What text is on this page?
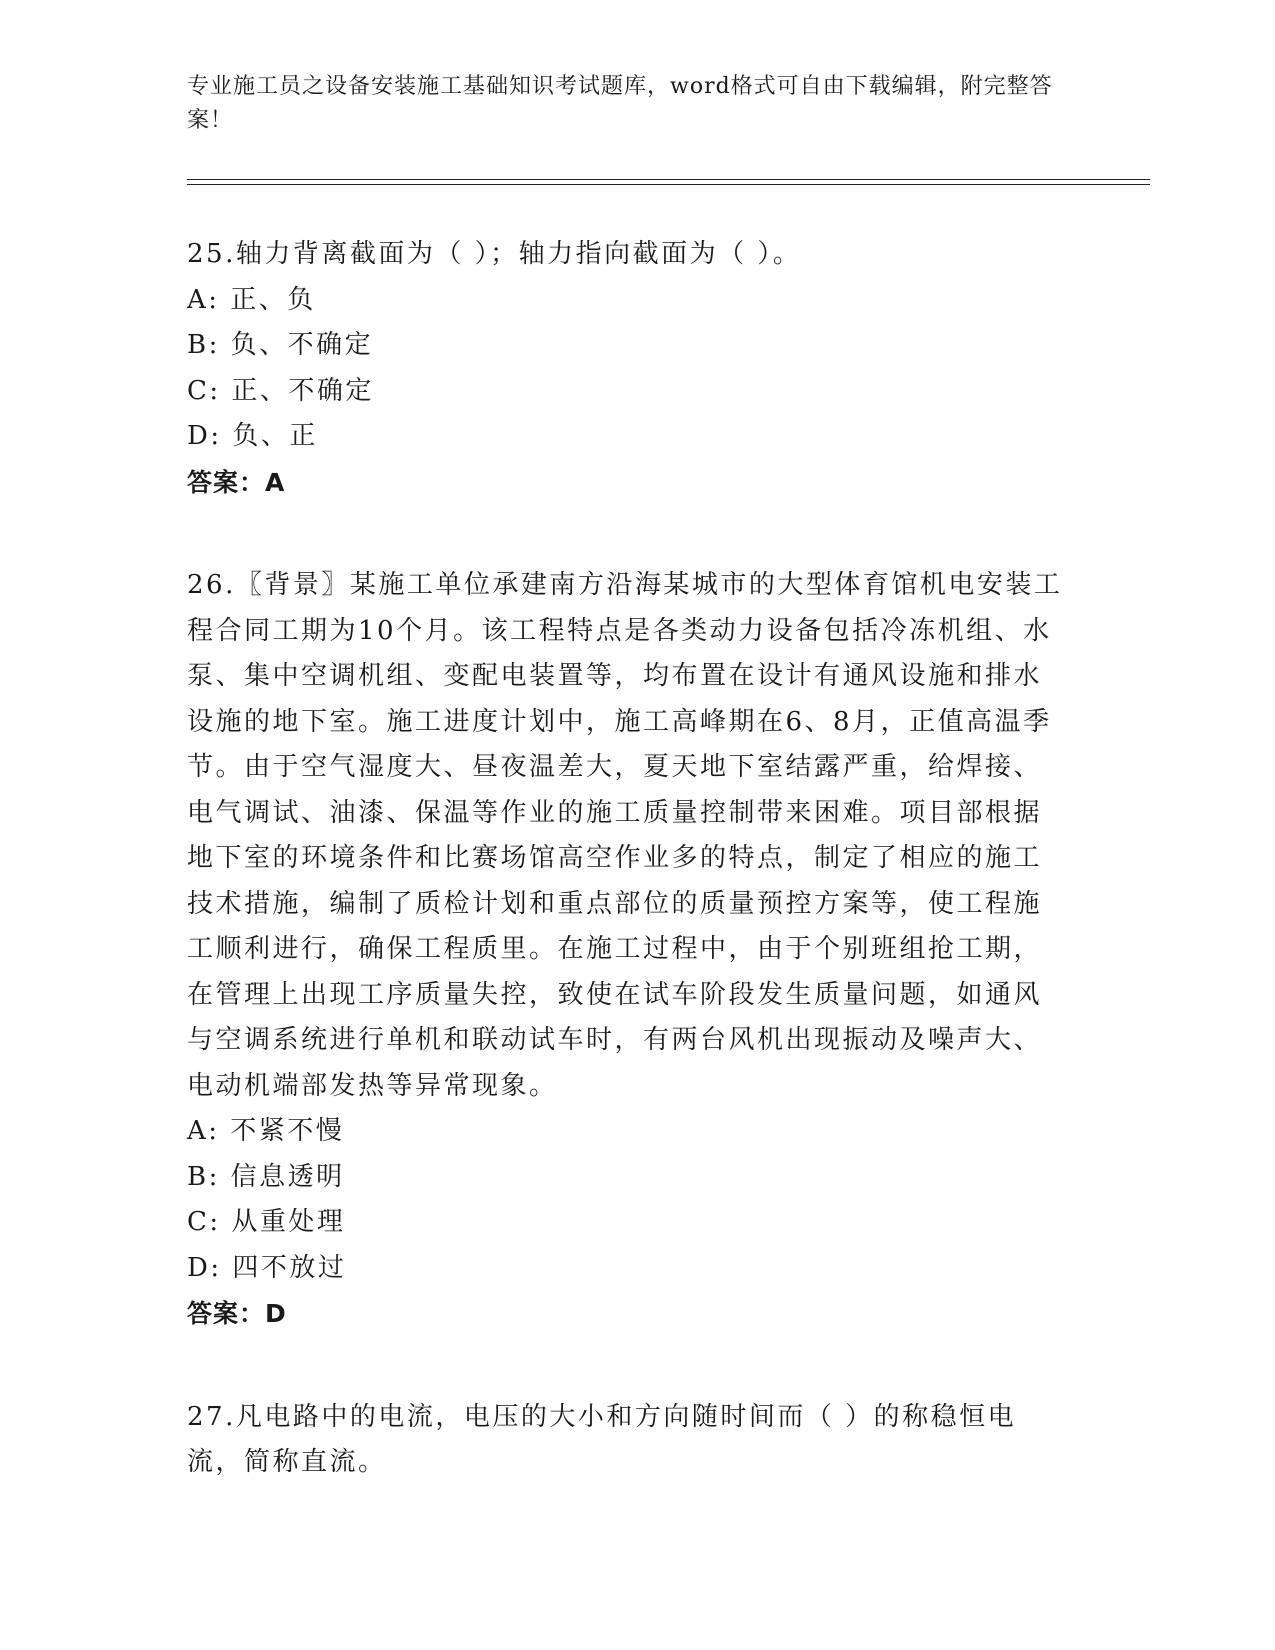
专业施工员之设备安装施工基础知识考试题库，word格式可自由下载编辑，附完整答案！
25.轴力背离截面为（ ）；轴力指向截面为（ ）。
A: 正、负
B: 负、不确定
C: 正、不确定
D: 负、正
答案：A
26.〖背景〗某施工单位承建南方沿海某城市的大型体育馆机电安装工程合同工期为10个月。该工程特点是各类动力设备包括冷冻机组、水泵、集中空调机组、变配电装置等，均布置在设计有通风设施和排水设施的地下室。施工进度计划中，施工高峰期在6、8月，正值高温季节。由于空气湿度大、昼夜温差大，夏天地下室结露严重，给焊接、电气调试、油漆、保温等作业的施工质量控制带来困难。项目部根据地下室的环境条件和比赛场馆高空作业多的特点，制定了相应的施工技术措施，编制了质检计划和重点部位的质量预控方案等，使工程施工顺利进行，确保工程质里。在施工过程中，由于个别班组抢工期，在管理上出现工序质量失控，致使在试车阶段发生质量问题，如通风与空调系统进行单机和联动试车时，有两台风机出现振动及噪声大、电动机端部发热等异常现象。
A: 不紧不慢
B: 信息透明
C: 从重处理
D: 四不放过
答案：D
27.凡电路中的电流，电压的大小和方向随时间而（ ）的称稳恒电流，简称直流。
